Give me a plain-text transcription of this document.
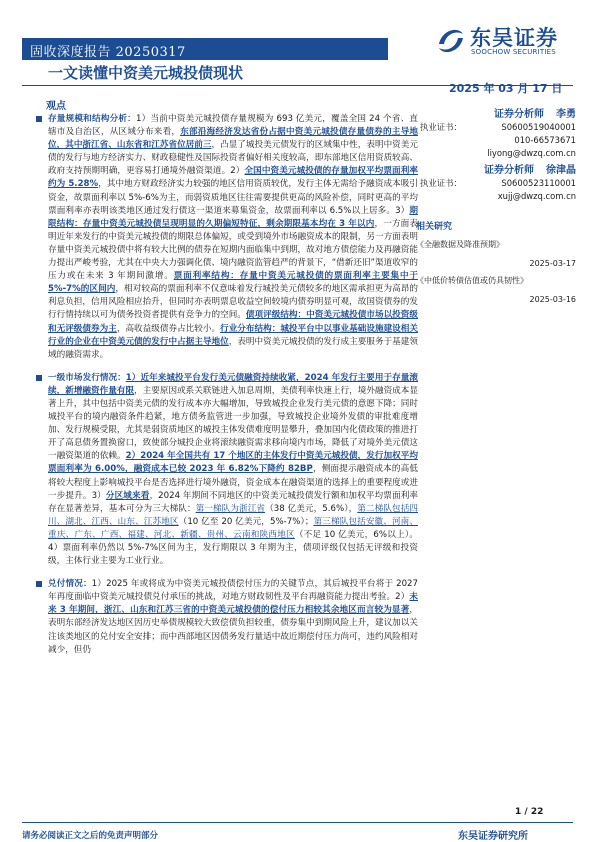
固收深度报告 20250317
一文读懂中资美元城投债现状
东吴证券
SOOCHOW SECURITIES
2025 年 03 月 17 日
观点
存量规模和结构分析：1）当前中资美元城投债存量规模为 693 亿美元，覆盖全国 24 个省、直辖市及自治区，从区域分布来看，东部沿海经济发达省份占据中资美元城投债存量债券的主导地位，其中浙江省、山东省和江苏省位居前三，凸显了城投美元债发行的区域集中性，表明中资美元债的发行与地方经济实力、财政稳健性及国际投资者偏好相关度较高，即东部地区信用资质较高、政府支持预期明确，更容易打通境外融资渠道。2）全国中资美元城投债的存量加权平均票面利率约为 5.28%，其中地方财政经济实力较强的地区信用资质较优，发行主体无需给予融资成本吸引资金，故票面利率以 5%-6%为主，而弱资质地区往往需要提供更高的风险补偿，同时更高的平均票面利率亦表明该类地区通过发行债这一渠道来募集资金，故票面利率以 6.5%以上居多。3）期限结构：存量中资美元城投债呈现明显的久期偏短特征，剩余期限基本均在 3 年以内，一方面表明近年来发行的中资美元城投债的期限总体偏短，或受到境外市场融资成本的限制，另一方面表明存量中资美元城投债中将有较大比例的债券在短期内面临集中到期，故对地方债偿能力及再融资能力提出严峻考验，尤其在中央大力强调化债、境内融资监管趋严的背景下，“借新还旧”渠道收窄的压力或在未来 3 年期间激增。票面利率结构：存量中资美元城投债的票面利率主要集中于 5%-7%的区间内，相对较高的票面利率不仅意味着发行城投美元债较多的地区需承担更为高昂的利息负担，信用风险相应抬升，但同时亦表明票息收益空间较境内债券明显可观，故国资债券的发行行情持续以可为债务投资者提供有竞争力的空间。债项评级结构：中资美元城投债市场以投资级和无评级债券为主，高收益级债券占比较小。行业分布结构：城投平台中以事业基础设施建设相关行业的企业在中资美元债的发行中占据主导地位，表明中资美元城投债的发行成主要服务于基建领域的融资需求。
一级市场发行情况：1）近年来城投平台发行美元债融资持续收紧，2024 年发行主要用于存量滚续，新增融资作量有限，主要原因或系关联链进入加息周期，美债利率快速上行，境外融资成本显著上升，其中包括中资美元债的发行成本亦大幅增加，导致城投企业发行美元债的意愿下降；同时城投平台的境内融资条件趋紧，地方债务监管进一步加强，导致城投企业境外发债的审批难度增加、发行规模受限，尤其是弱资质地区的城投主体发债难度明显攀升，叠加国内化债政策的推进打开了高息债务置换窗口，致使部分城投企业将滚续融资需求移向境内市场，降低了对境外美元债这一融资渠道的依赖。2）2024 年全国共有 17 个地区的主体发行中资美元城投债，发行加权平均票面利率为 6.00%，融资成本已较 2023 年 6.82%下降约 82BP，侧面提示融资成本的高低将较大程度上影响城投平台是否选择进行境外融资，资金成本在融资渠道的选择上的重要程度或进一步提升。3）分区域来看，2024 年期间不同地区的中资美元城投债发行额和加权平均票面利率存在显著差异，基本可分为三大梯队：第一梯队为浙江省（38 亿美元，5.6%），第二梯队包括四川、湖北、江西、山东、江苏地区（10 亿至 20 亿美元，5%-7%）；第三梯队包括安徽、河南、重庆、广东、广西、福建、河北、新疆、贵州、云南和陕西地区（不足 10 亿美元，6%以上）。4）票面利率仍然以 5%-7%区间为主，发行期限以 3 年期为主，债项评级仅包括无评级和投资级，主体行业主要为工业行业。
兑付情况：1）2025 年或将成为中资美元城投债偿付压力的关键节点，其后城投平台将于 2027 年再度面临中资美元城投债兑付承压的挑战，对地方财政韧性及平台再融资能力提出考验。2）未来 3 年期间，浙江、山东和江苏三省的中资美元城投债的偿付压力相较其余地区而言较为显著，表明东部经济发达地区因历史举债规模较大致偿债负担较重，债券集中到期风险上升，建议加以关注该类地区的兑付安全安排；而中西部地区因债务发行量适中故近期偿付压力尚可，违约风险相对减少，但仍
证券分析师 李勇
执业证书：	S0600519040001
010-66573671
liyong@dwzq.com.cn
证券分析师 徐津晶
执业证书：	S0600523110001
xujj@dwzq.com.cn
相关研究
《全融数据及降准预期》
2025-03-17
《中低价转债估值或仍具韧性》
2025-03-16
1 / 22
请务必阅读正文之后的免责声明部分	东吴证券研究所
